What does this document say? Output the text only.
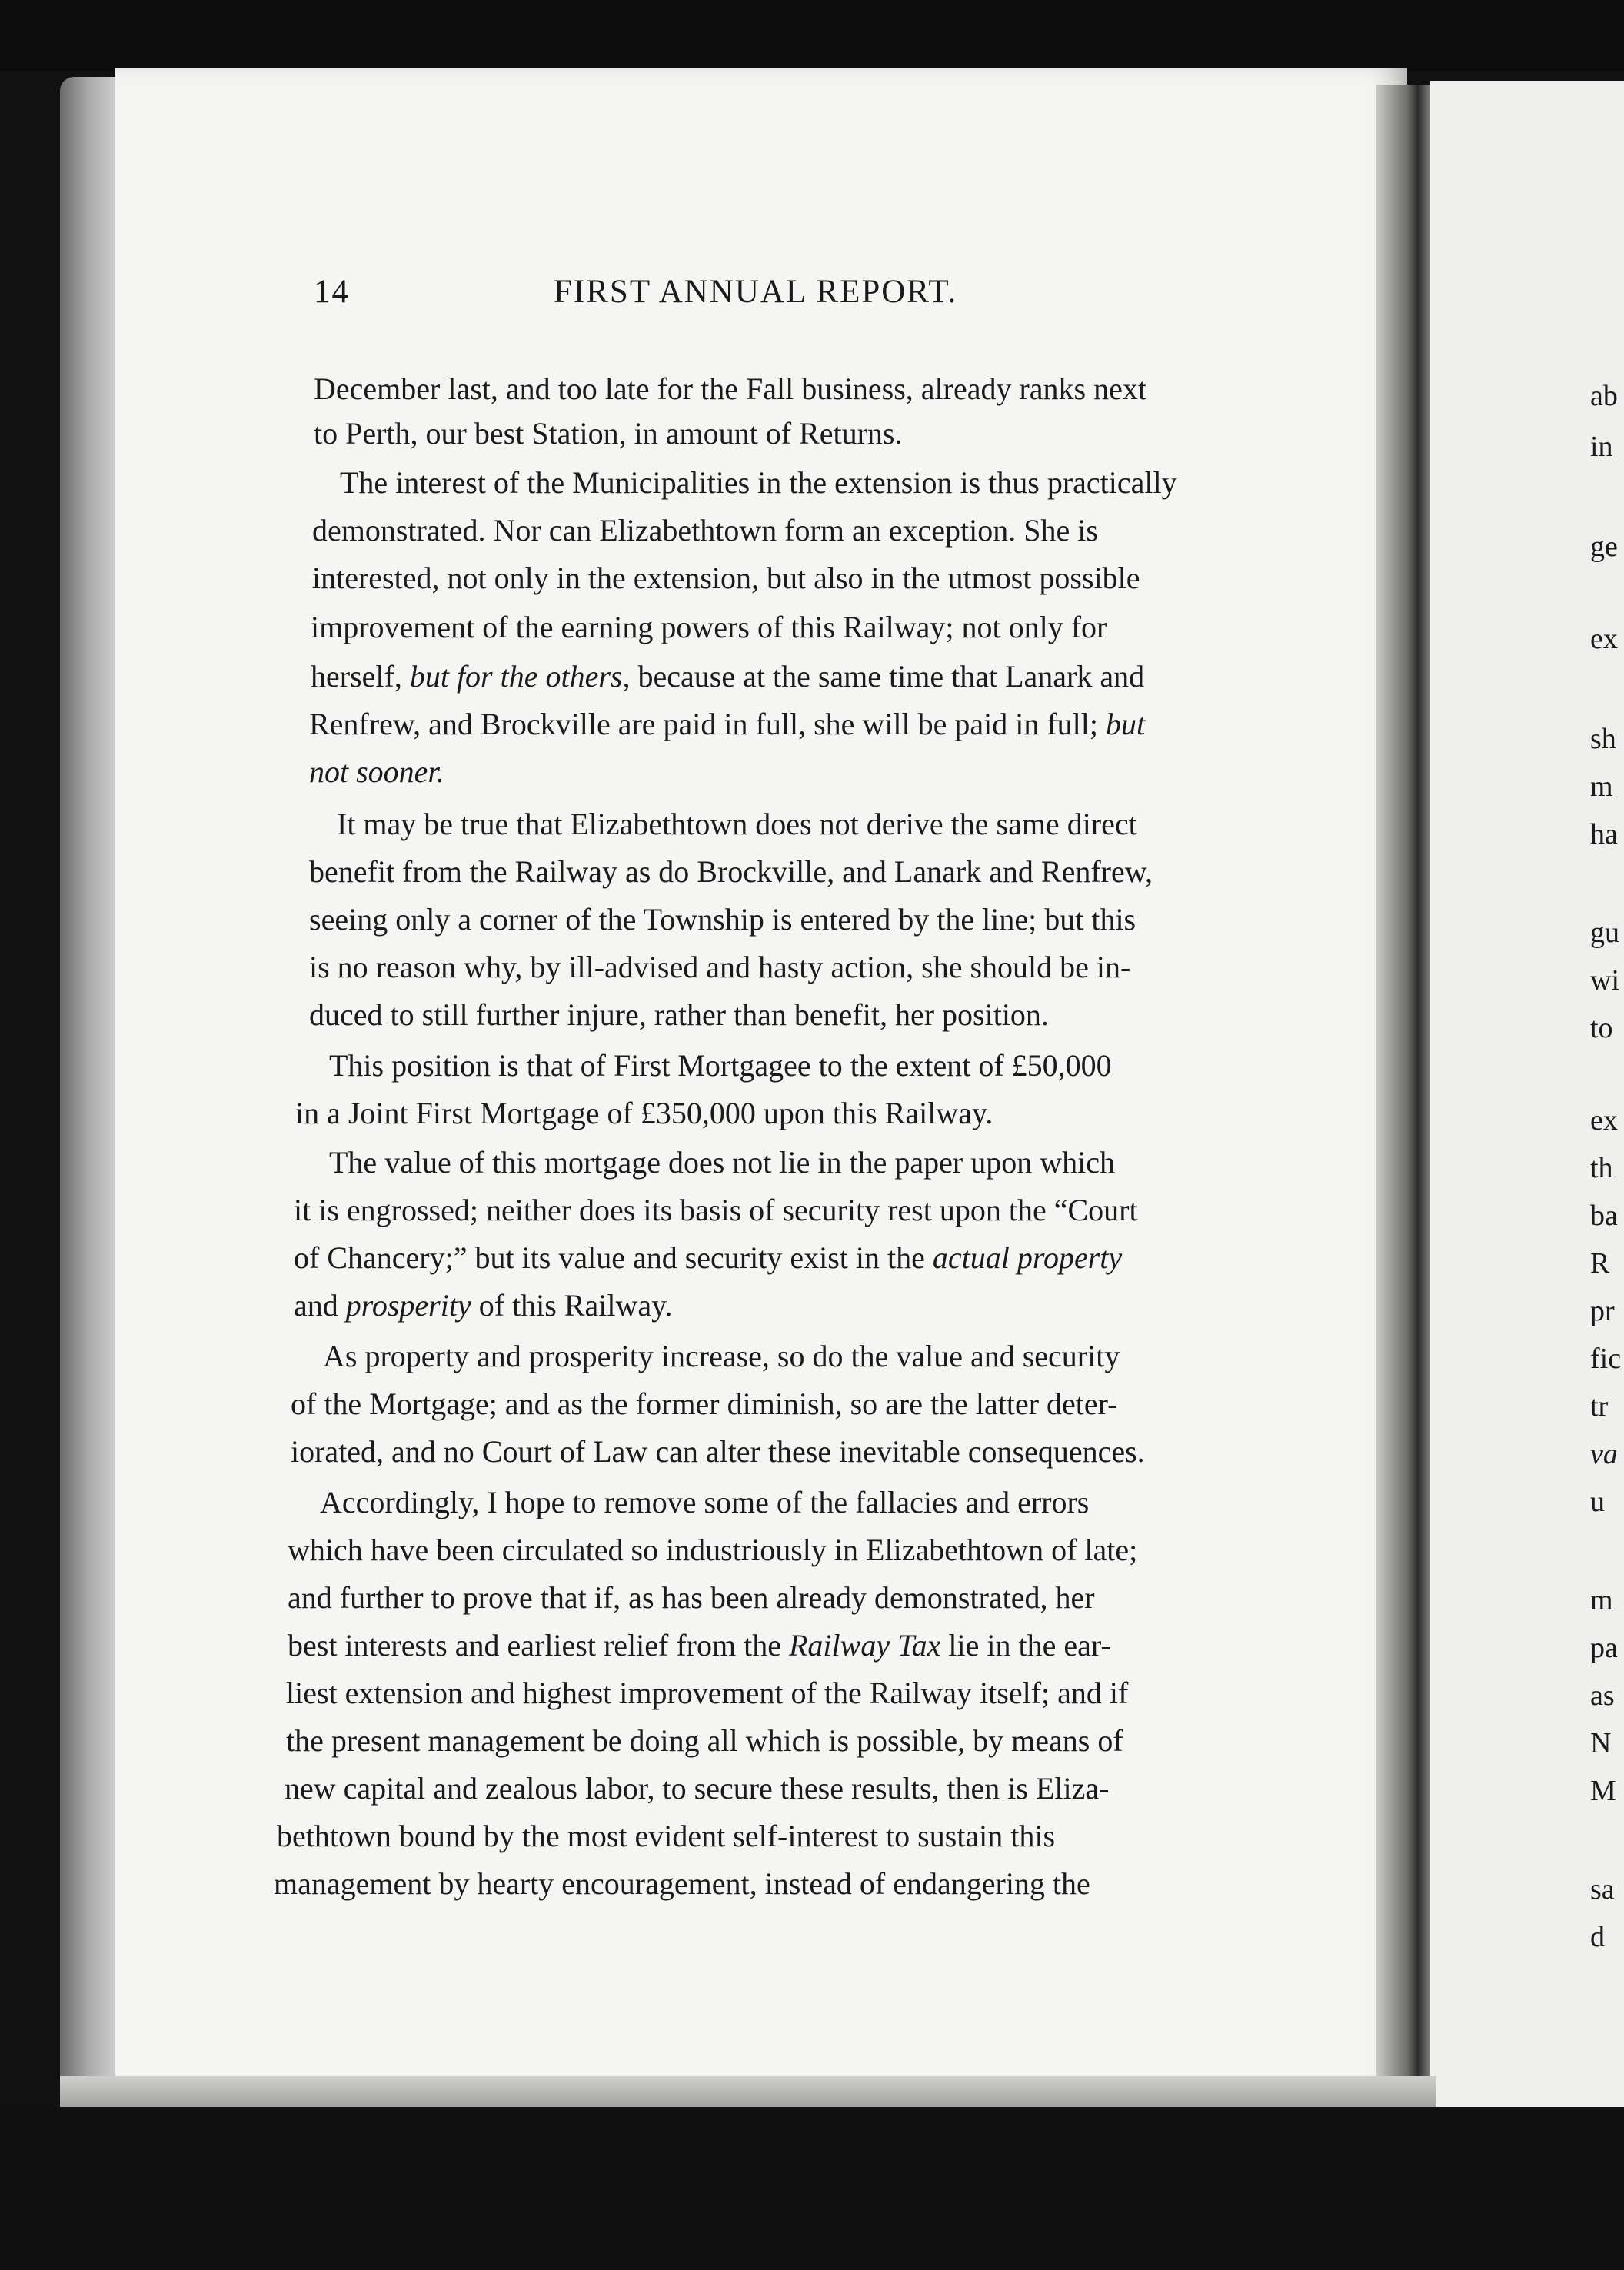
14	FIRST ANNUAL REPORT.
December last, and too late for the Fall business, already ranks next
to Perth, our best Station, in amount of Returns.
The interest of the Municipalities in the extension is thus practically
demonstrated. Nor can Elizabethtown form an exception. She is
interested, not only in the extension, but also in the utmost possible
improvement of the earning powers of this Railway; not only for
herself, but for the others, because at the same time that Lanark and
Renfrew, and Brockville are paid in full, she will be paid in full; but
not sooner.
It may be true that Elizabethtown does not derive the same direct
benefit from the Railway as do Brockville, and Lanark and Renfrew,
seeing only a corner of the Township is entered by the line; but this
is no reason why, by ill-advised and hasty action, she should be in-
duced to still further injure, rather than benefit, her position.
This position is that of First Mortgagee to the extent of £50,000
in a Joint First Mortgage of £350,000 upon this Railway.
The value of this mortgage does not lie in the paper upon which
it is engrossed; neither does its basis of security rest upon the “Court
of Chancery;” but its value and security exist in the actual property
and prosperity of this Railway.
As property and prosperity increase, so do the value and security
of the Mortgage; and as the former diminish, so are the latter deter-
iorated, and no Court of Law can alter these inevitable consequences.
Accordingly, I hope to remove some of the fallacies and errors
which have been circulated so industriously in Elizabethtown of late;
and further to prove that if, as has been already demonstrated, her
best interests and earliest relief from the Railway Tax lie in the ear-
liest extension and highest improvement of the Railway itself; and if
the present management be doing all which is possible, by means of
new capital and zealous labor, to secure these results, then is Eliza-
bethtown bound by the most evident self-interest to sustain this
management by hearty encouragement, instead of endangering the
ab
in
ge
ex
sh
m
ha
gu
wi
to
ex
th
ba
R
pr
fic
tr
va
u
m
pa
as
N
M
sa
d
